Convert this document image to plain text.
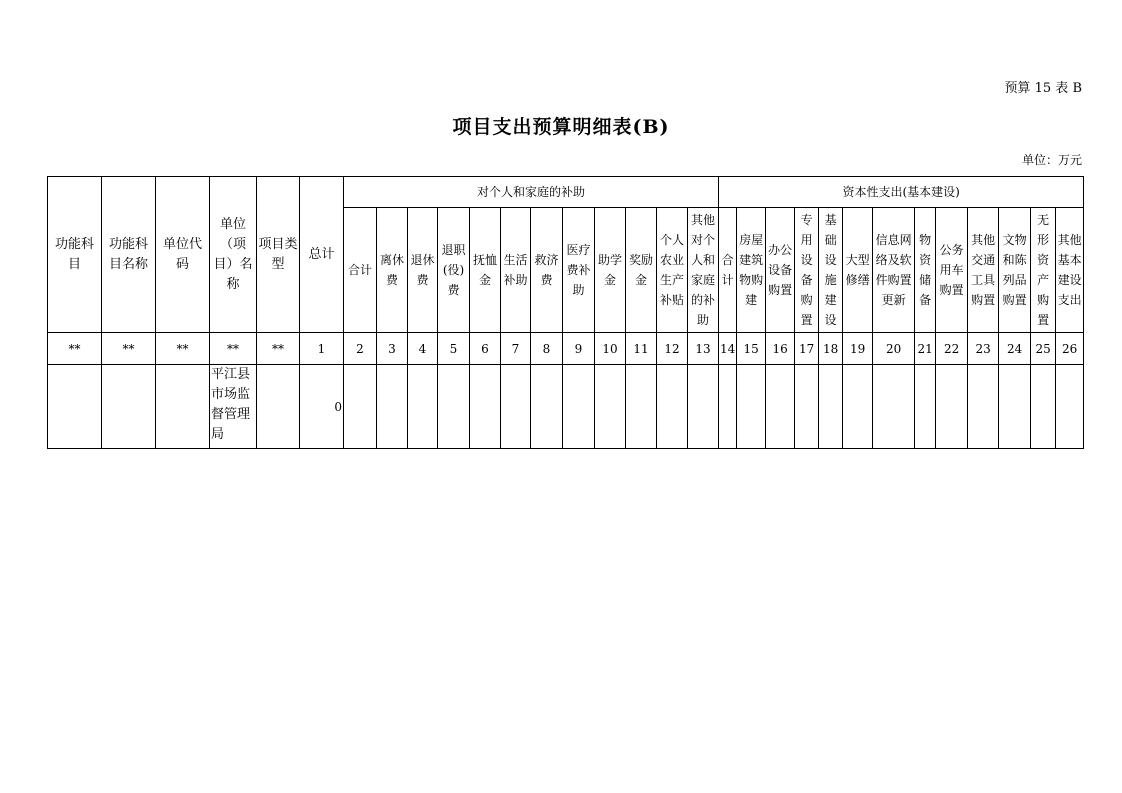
预算 15 表 B
项目支出预算明细表(B)
单位：万元
功能科目	功能科目名称	单位代码	单位（项目）名称	项目类型	总计	对个人和家庭的补助												资本性支出(基本建设)												

						合计	离休费	退休费	退职(役)费	抚恤金	生活补助	救济费	医疗费补助	助学金	奖励金	个人农业生产补贴	其他对个人和家庭的补助	合计	房屋建筑物购建	办公设备购置	专用设备购置	基础设施建设	大型修缮	信息网络及软件购置更新	物资储备	公务用车购置	其他交通工具购置	文物和陈列品购置	无形资产购置	其他基本建设支出

**	**	**	**	**	1	2	3	4	5	6	7	8	9	10	11	12	13	14	15	16	17	18	19	20	21	22	23	24	25	26

			平江县市场监督管理局		0																									
